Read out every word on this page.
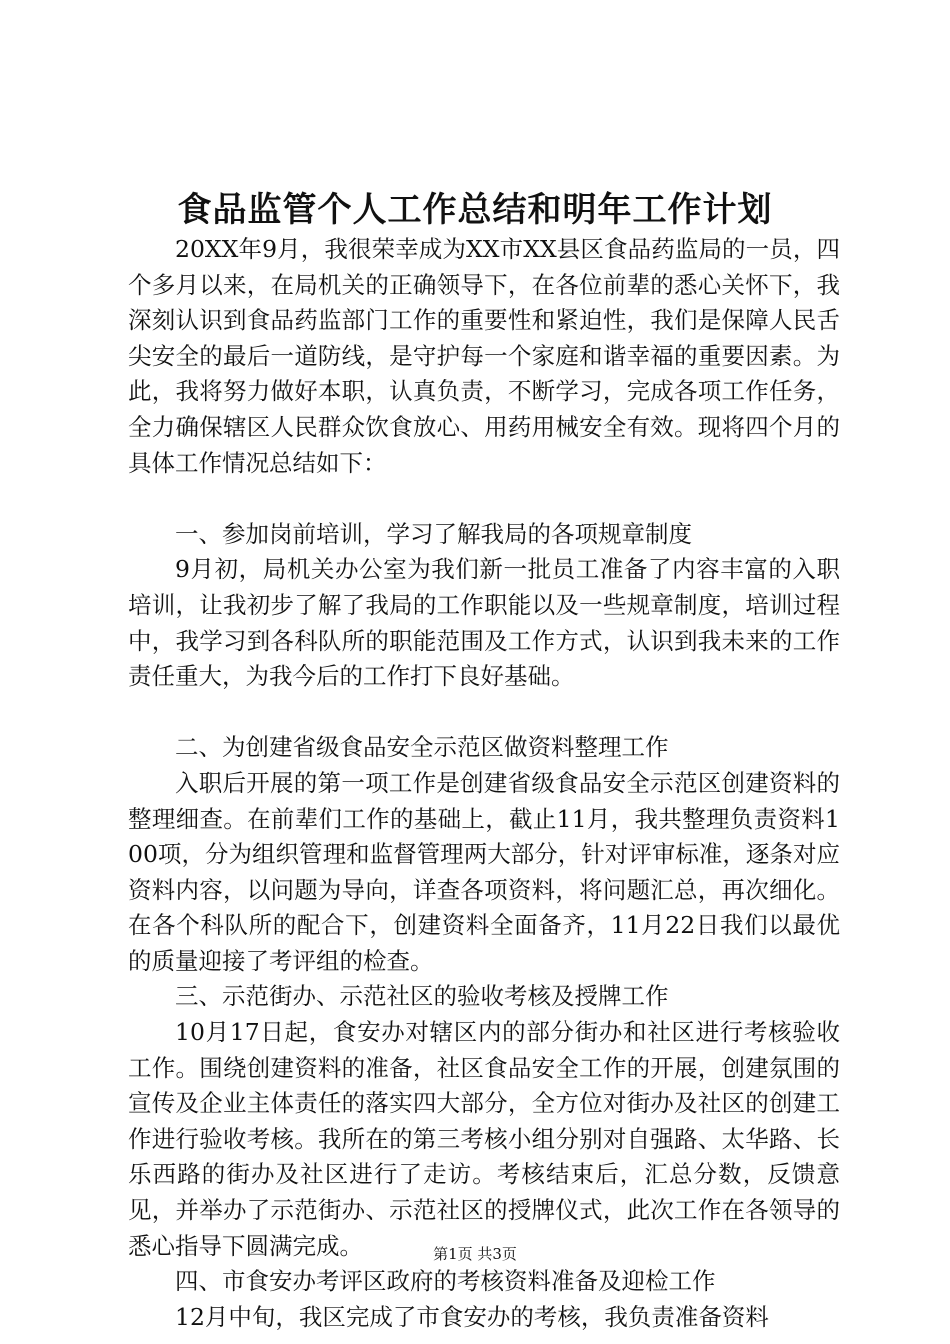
食品监管个人工作总结和明年工作计划

20XX年9月，我很荣幸成为XX市XX县区食品药监局的一员，四个多月以来，在局机关的正确领导下，在各位前辈的悉心关怀下，我深刻认识到食品药监部门工作的重要性和紧迫性，我们是保障人民舌尖安全的最后一道防线，是守护每一个家庭和谐幸福的重要因素。为此，我将努力做好本职，认真负责，不断学习，完成各项工作任务，全力确保辖区人民群众饮食放心、用药用械安全有效。现将四个月的具体工作情况总结如下：

一、参加岗前培训，学习了解我局的各项规章制度

9月初，局机关办公室为我们新一批员工准备了内容丰富的入职培训，让我初步了解了我局的工作职能以及一些规章制度，培训过程中，我学习到各科队所的职能范围及工作方式，认识到我未来的工作责任重大，为我今后的工作打下良好基础。

二、为创建省级食品安全示范区做资料整理工作

入职后开展的第一项工作是创建省级食品安全示范区创建资料的整理细查。在前辈们工作的基础上，截止11月，我共整理负责资料100项，分为组织管理和监督管理两大部分，针对评审标准，逐条对应资料内容，以问题为导向，详查各项资料，将问题汇总，再次细化。在各个科队所的配合下，创建资料全面备齐，11月22日我们以最优的质量迎接了考评组的检查。

三、示范街办、示范社区的验收考核及授牌工作

10月17日起，食安办对辖区内的部分街办和社区进行考核验收工作。围绕创建资料的准备，社区食品安全工作的开展，创建氛围的宣传及企业主体责任的落实四大部分，全方位对街办及社区的创建工作进行验收考核。我所在的第三考核小组分别对自强路、太华路、长乐西路的街办及社区进行了走访。考核结束后，汇总分数，反馈意见，并举办了示范街办、示范社区的授牌仪式，此次工作在各领导的悉心指导下圆满完成。

四、市食安办考评区政府的考核资料准备及迎检工作

12月中旬，我区完成了市食安办的考核，我负责准备资料

第1页 共3页
